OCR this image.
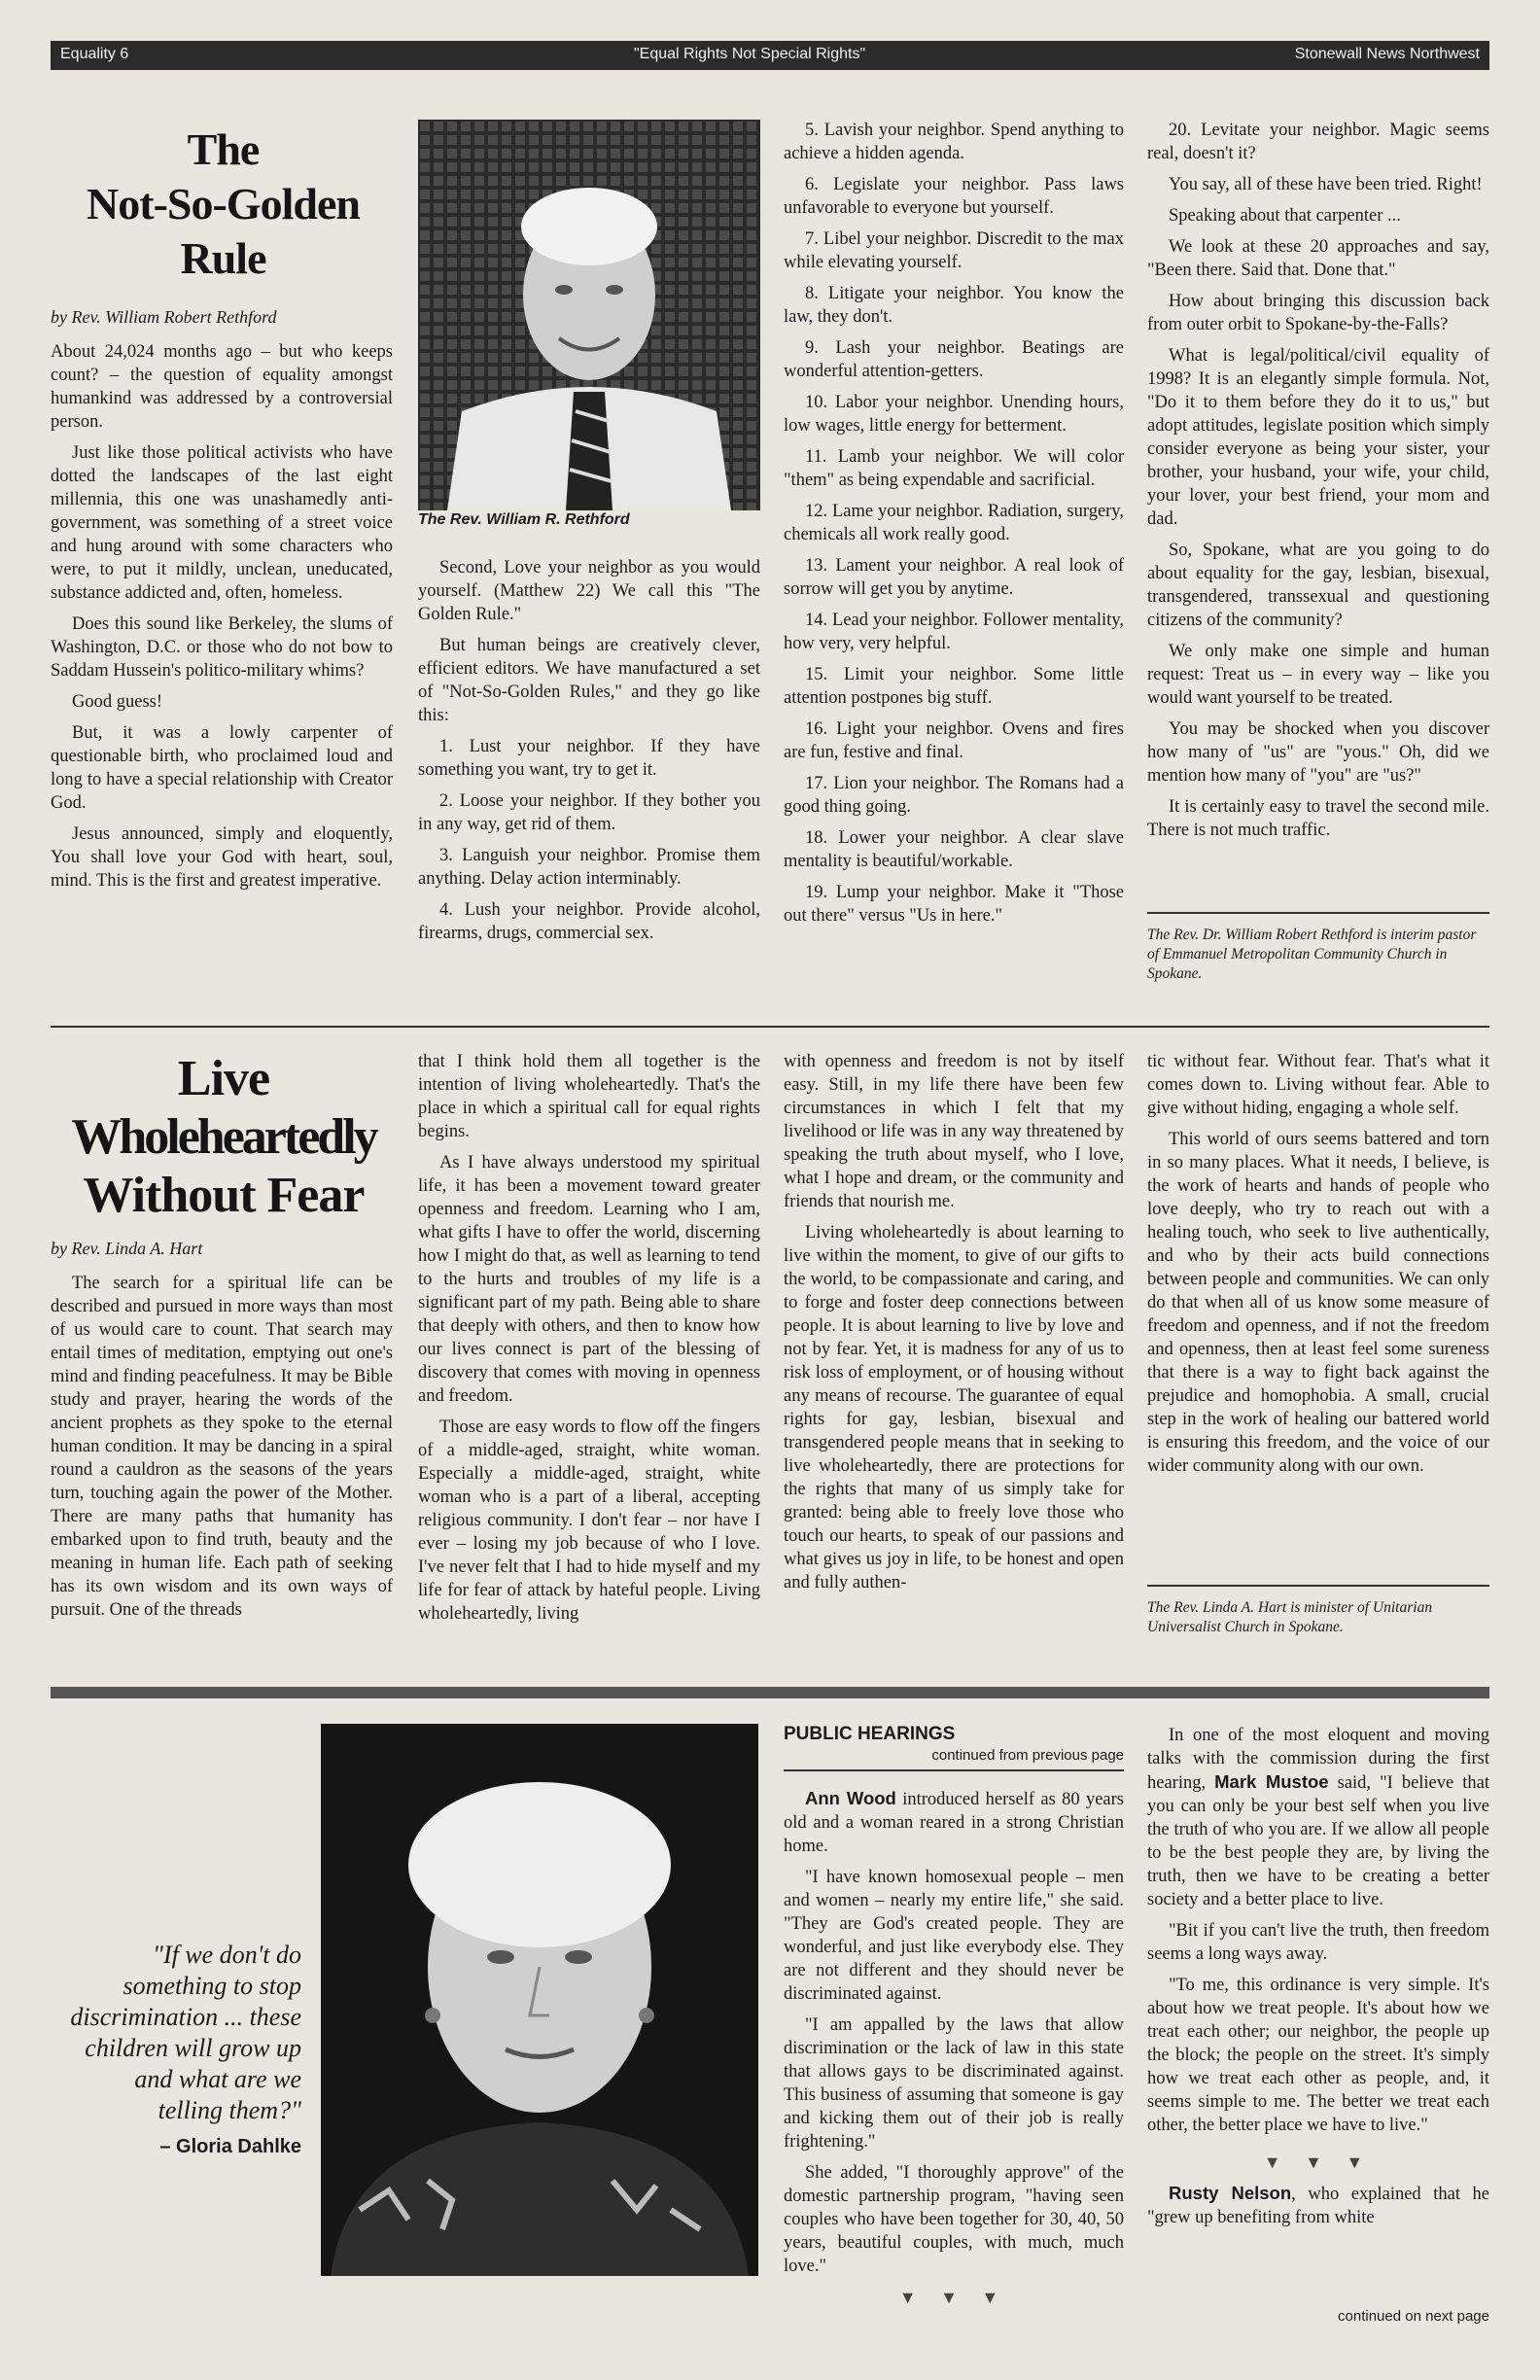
Equality 6	"Equal Rights Not Special Rights"	Stonewall News Northwest
The
Not-So-Golden
Rule
by Rev. William Robert Rethford

About 24,024 months ago – but who keeps count? – the question of equality amongst humankind was addressed by a controversial person.

Just like those political activists who have dotted the landscapes of the last eight millennia, this one was unashamedly anti-government, was something of a street voice and hung around with some characters who were, to put it mildly, unclean, uneducated, substance addicted and, often, homeless.

Does this sound like Berkeley, the slums of Washington, D.C. or those who do not bow to Saddam Hussein's politico-military whims?

Good guess!

But, it was a lowly carpenter of questionable birth, who proclaimed loud and long to have a special relationship with Creator God.

Jesus announced, simply and eloquently, You shall love your God with heart, soul, mind. This is the first and greatest imperative.

The Rev. William R. Rethford

Second, Love your neighbor as you would yourself. (Matthew 22) We call this "The Golden Rule."

But human beings are creatively clever, efficient editors. We have manufactured a set of "Not-So-Golden Rules," and they go like this:

1. Lust your neighbor. If they have something you want, try to get it.

2. Loose your neighbor. If they bother you in any way, get rid of them.

3. Languish your neighbor. Promise them anything. Delay action interminably.

4. Lush your neighbor. Provide alcohol, firearms, drugs, commercial sex.

5. Lavish your neighbor. Spend anything to achieve a hidden agenda.

6. Legislate your neighbor. Pass laws unfavorable to everyone but yourself.

7. Libel your neighbor. Discredit to the max while elevating yourself.

8. Litigate your neighbor. You know the law, they don't.

9. Lash your neighbor. Beatings are wonderful attention-getters.

10. Labor your neighbor. Unending hours, low wages, little energy for betterment.

11. Lamb your neighbor. We will color "them" as being expendable and sacrificial.

12. Lame your neighbor. Radiation, surgery, chemicals all work really good.

13. Lament your neighbor. A real look of sorrow will get you by anytime.

14. Lead your neighbor. Follower mentality, how very, very helpful.

15. Limit your neighbor. Some little attention postpones big stuff.

16. Light your neighbor. Ovens and fires are fun, festive and final.

17. Lion your neighbor. The Romans had a good thing going.

18. Lower your neighbor. A clear slave mentality is beautiful/workable.

19. Lump your neighbor. Make it "Those out there" versus "Us in here."

20. Levitate your neighbor. Magic seems real, doesn't it?

You say, all of these have been tried. Right!

Speaking about that carpenter ...

We look at these 20 approaches and say, "Been there. Said that. Done that."

How about bringing this discussion back from outer orbit to Spokane-by-the-Falls?

What is legal/political/civil equality of 1998? It is an elegantly simple formula. Not, "Do it to them before they do it to us," but adopt attitudes, legislate position which simply consider everyone as being your sister, your brother, your husband, your wife, your child, your lover, your best friend, your mom and dad.

So, Spokane, what are you going to do about equality for the gay, lesbian, bisexual, transgendered, transsexual and questioning citizens of the community?

We only make one simple and human request: Treat us – in every way – like you would want yourself to be treated.

You may be shocked when you discover how many of "us" are "yous." Oh, did we mention how many of "you" are "us?"

It is certainly easy to travel the second mile. There is not much traffic.

The Rev. Dr. William Robert Rethford is interim pastor of Emmanuel Metropolitan Community Church in Spokane.
Live
Wholeheartedly
Without Fear
by Rev. Linda A. Hart

The search for a spiritual life can be described and pursued in more ways than most of us would care to count. That search may entail times of meditation, emptying out one's mind and finding peacefulness. It may be Bible study and prayer, hearing the words of the ancient prophets as they spoke to the eternal human condition. It may be dancing in a spiral round a cauldron as the seasons of the years turn, touching again the power of the Mother. There are many paths that humanity has embarked upon to find truth, beauty and the meaning in human life. Each path of seeking has its own wisdom and its own ways of pursuit. One of the threads

that I think hold them all together is the intention of living wholeheartedly. That's the place in which a spiritual call for equal rights begins.

As I have always understood my spiritual life, it has been a movement toward greater openness and freedom. Learning who I am, what gifts I have to offer the world, discerning how I might do that, as well as learning to tend to the hurts and troubles of my life is a significant part of my path. Being able to share that deeply with others, and then to know how our lives connect is part of the blessing of discovery that comes with moving in openness and freedom.

Those are easy words to flow off the fingers of a middle-aged, straight, white woman. Especially a middle-aged, straight, white woman who is a part of a liberal, accepting religious community. I don't fear – nor have I ever – losing my job because of who I love. I've never felt that I had to hide myself and my life for fear of attack by hateful people. Living wholeheartedly, living

with openness and freedom is not by itself easy. Still, in my life there have been few circumstances in which I felt that my livelihood or life was in any way threatened by speaking the truth about myself, who I love, what I hope and dream, or the community and friends that nourish me.

Living wholeheartedly is about learning to live within the moment, to give of our gifts to the world, to be compassionate and caring, and to forge and foster deep connections between people. It is about learning to live by love and not by fear. Yet, it is madness for any of us to risk loss of employment, or of housing without any means of recourse. The guarantee of equal rights for gay, lesbian, bisexual and transgendered people means that in seeking to live wholeheartedly, there are protections for the rights that many of us simply take for granted: being able to freely love those who touch our hearts, to speak of our passions and what gives us joy in life, to be honest and open and fully authen-

tic without fear. Without fear. That's what it comes down to. Living without fear. Able to give without hiding, engaging a whole self.

This world of ours seems battered and torn in so many places. What it needs, I believe, is the work of hearts and hands of people who love deeply, who try to reach out with a healing touch, who seek to live authentically, and who by their acts build connections between people and communities. We can only do that when all of us know some measure of freedom and openness, and if not the freedom and openness, then at least feel some sureness that there is a way to fight back against the prejudice and homophobia. A small, crucial step in the work of healing our battered world is ensuring this freedom, and the voice of our wider community along with our own.

The Rev. Linda A. Hart is minister of Unitarian Universalist Church in Spokane.
"If we don't do something to stop discrimination ... these children will grow up and what are we telling them?"
– Gloria Dahlke
PUBLIC HEARINGS
continued from previous page

Ann Wood introduced herself as 80 years old and a woman reared in a strong Christian home.

"I have known homosexual people – men and women – nearly my entire life," she said. "They are God's created people. They are wonderful, and just like everybody else. They are not different and they should never be discriminated against.

"I am appalled by the laws that allow discrimination or the lack of law in this state that allows gays to be discriminated against. This business of assuming that someone is gay and kicking them out of their job is really frightening."

She added, "I thoroughly approve" of the domestic partnership program, "having seen couples who have been together for 30, 40, 50 years, beautiful couples, with much, much love."

▼ ▼ ▼

In one of the most eloquent and moving talks with the commission during the first hearing, Mark Mustoe said, "I believe that you can only be your best self when you live the truth of who you are. If we allow all people to be the best people they are, by living the truth, then we have to be creating a better society and a better place to live.

"Bit if you can't live the truth, then freedom seems a long ways away.

"To me, this ordinance is very simple. It's about how we treat people. It's about how we treat each other; our neighbor, the people up the block; the people on the street. It's simply how we treat each other as people, and, it seems simple to me. The better we treat each other, the better place we have to live."

▼ ▼ ▼

Rusty Nelson, who explained that he "grew up benefiting from white

continued on next page
